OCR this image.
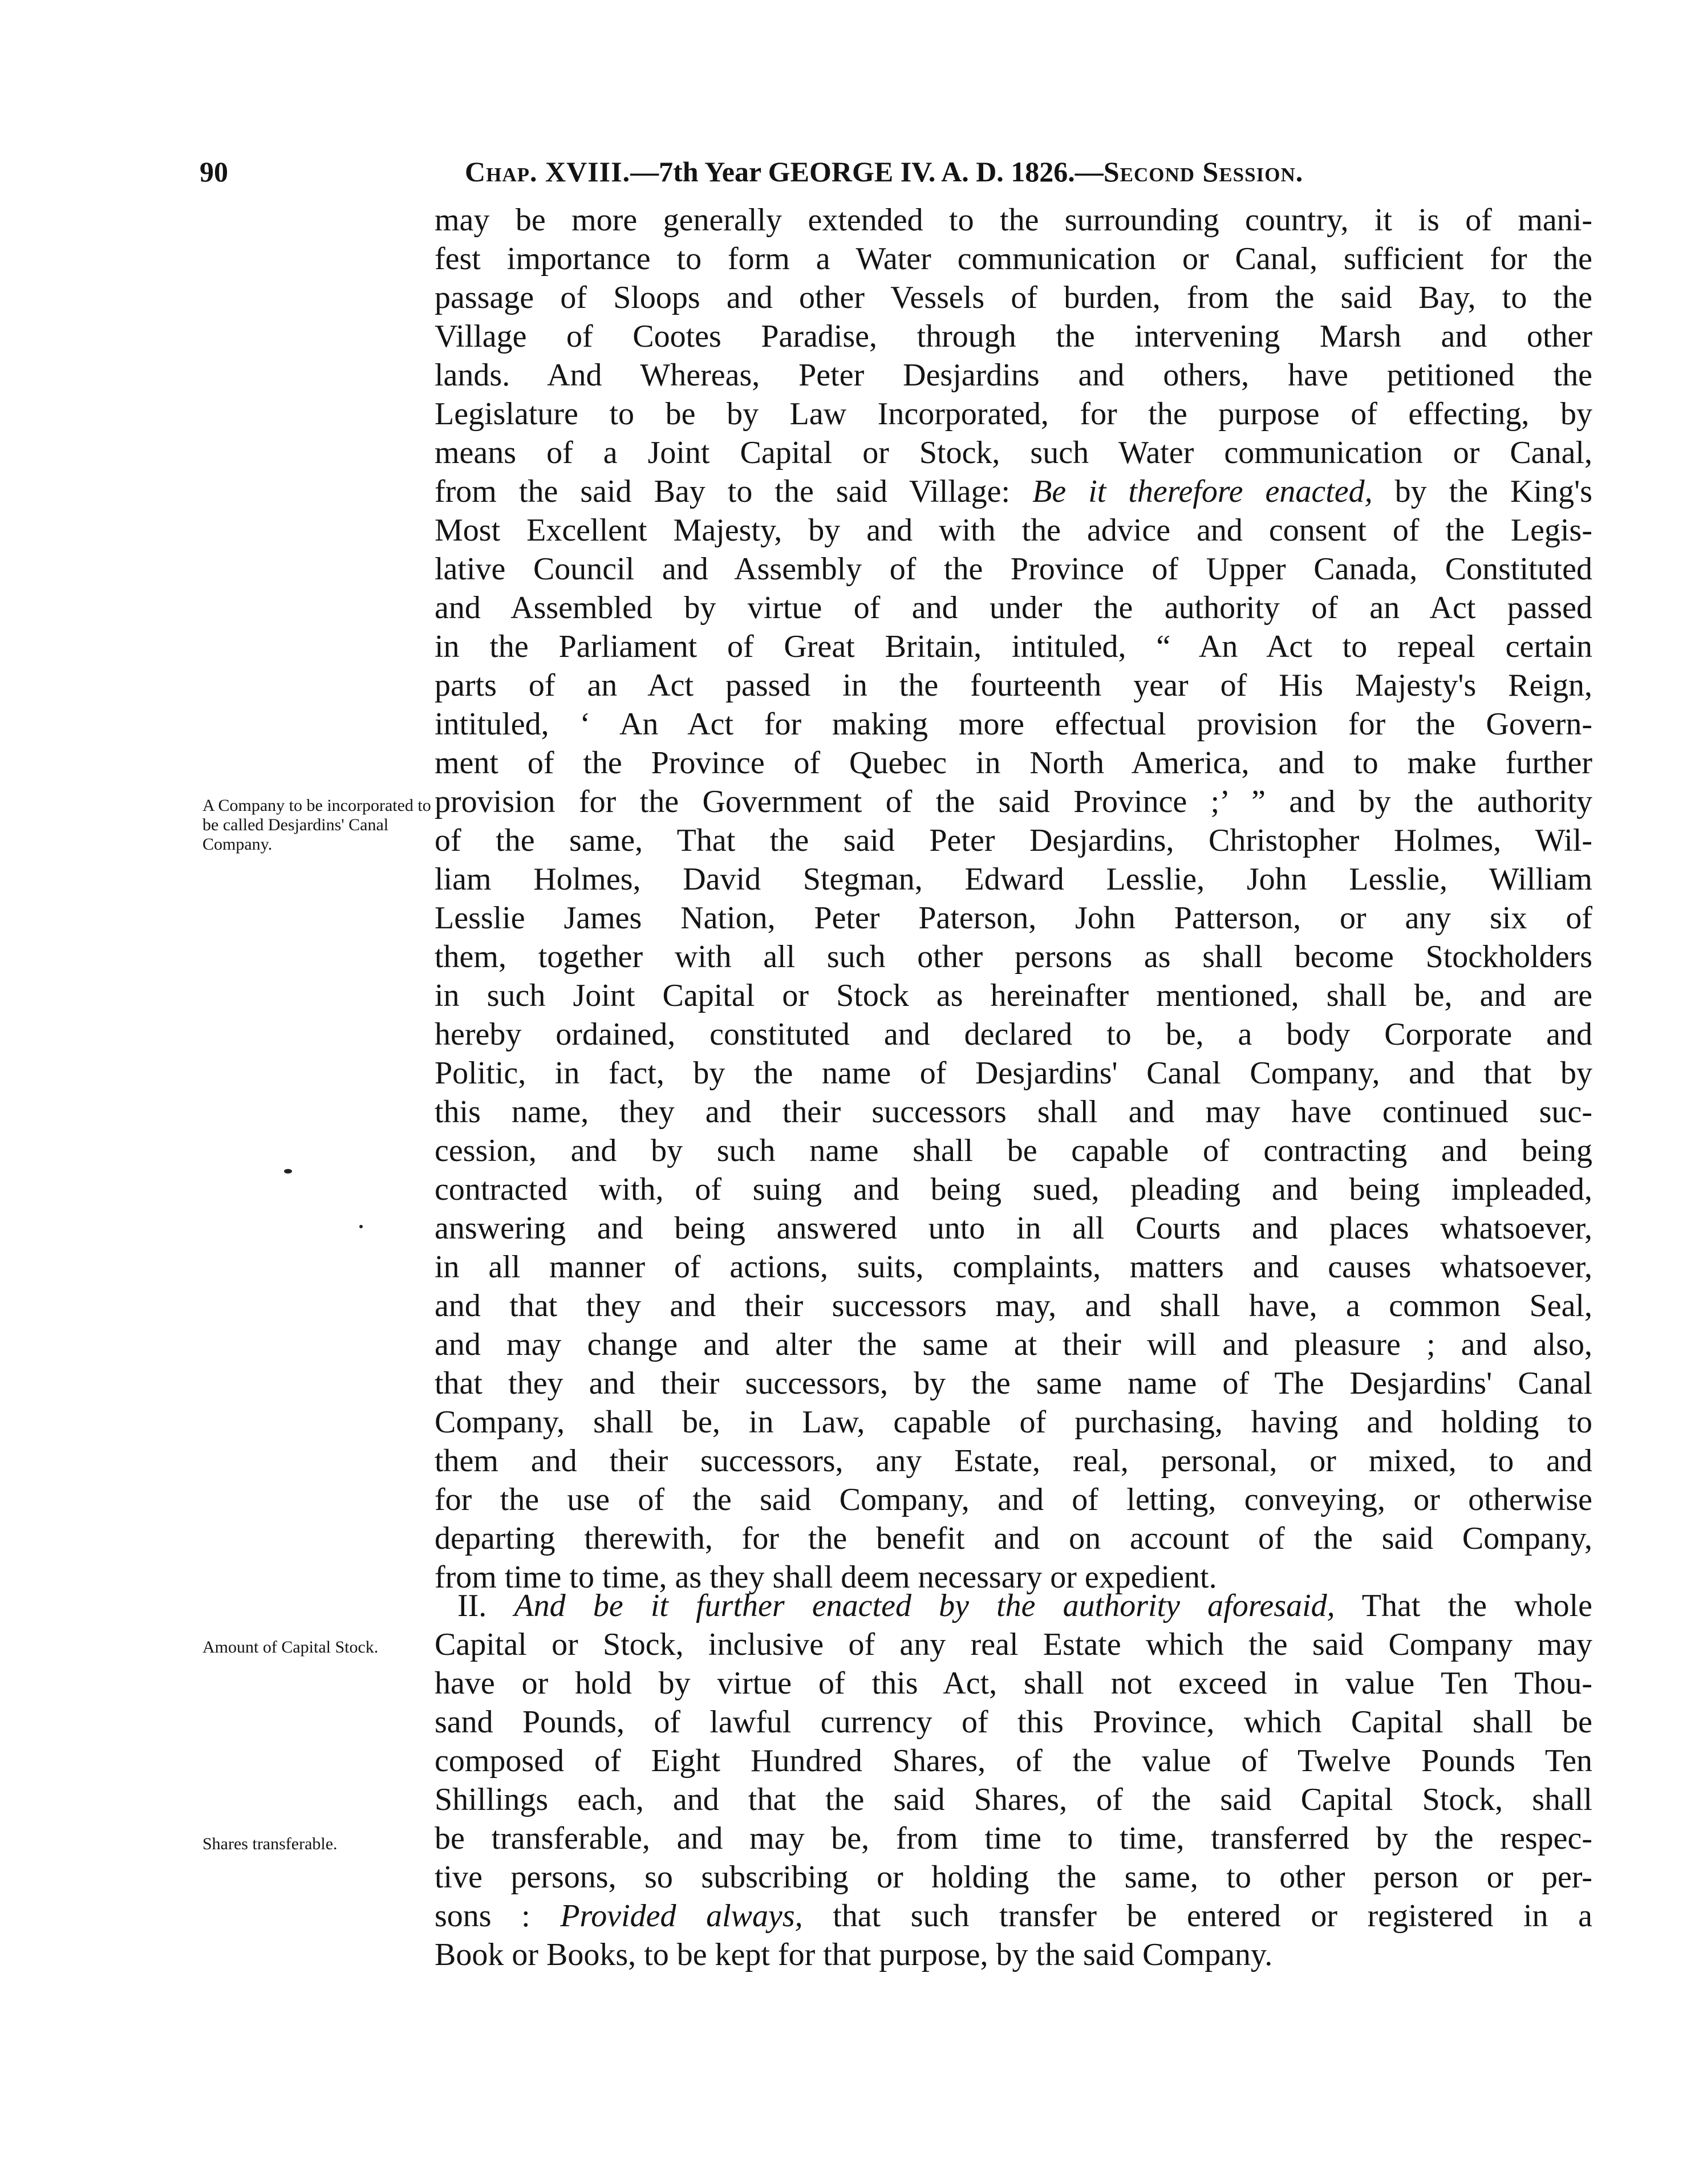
90	Chap. XVIII.—7th Year GEORGE IV. A. D. 1826.—Second Session.
may be more generally extended to the surrounding country, it is of mani-
fest importance to form a Water communication or Canal, sufficient for the
passage of Sloops and other Vessels of burden, from the said Bay, to the
Village of Cootes Paradise, through the intervening Marsh and other
lands. And Whereas, Peter Desjardins and others, have petitioned the
Legislature to be by Law Incorporated, for the purpose of effecting, by
means of a Joint Capital or Stock, such Water communication or Canal,
from the said Bay to the said Village: Be it therefore enacted, by the King's
Most Excellent Majesty, by and with the advice and consent of the Legis-
lative Council and Assembly of the Province of Upper Canada, Constituted
and Assembled by virtue of and under the authority of an Act passed
in the Parliament of Great Britain, intituled, “ An Act to repeal certain
parts of an Act passed in the fourteenth year of His Majesty's Reign,
intituled, ‘ An Act for making more effectual provision for the Govern-
ment of the Province of Quebec in North America, and to make further
provision for the Government of the said Province ;’ ” and by the authority
of the same, That the said Peter Desjardins, Christopher Holmes, Wil-
liam Holmes, David Stegman, Edward Lesslie, John Lesslie, William
Lesslie James Nation, Peter Paterson, John Patterson, or any six of
them, together with all such other persons as shall become Stockholders
in such Joint Capital or Stock as hereinafter mentioned, shall be, and are
hereby ordained, constituted and declared to be, a body Corporate and
Politic, in fact, by the name of Desjardins' Canal Company, and that by
this name, they and their successors shall and may have continued suc-
cession, and by such name shall be capable of contracting and being
contracted with, of suing and being sued, pleading and being impleaded,
answering and being answered unto in all Courts and places whatsoever,
in all manner of actions, suits, complaints, matters and causes whatsoever,
and that they and their successors may, and shall have, a common Seal,
and may change and alter the same at their will and pleasure ; and also,
that they and their successors, by the same name of The Desjardins' Canal
Company, shall be, in Law, capable of purchasing, having and holding to
them and their successors, any Estate, real, personal, or mixed, to and
for the use of the said Company, and of letting, conveying, or otherwise
departing therewith, for the benefit and on account of the said Company,
from time to time, as they shall deem necessary or expedient.
II. And be it further enacted by the authority aforesaid, That the whole
Capital or Stock, inclusive of any real Estate which the said Company may
have or hold by virtue of this Act, shall not exceed in value Ten Thou-
sand Pounds, of lawful currency of this Province, which Capital shall be
composed of Eight Hundred Shares, of the value of Twelve Pounds Ten
Shillings each, and that the said Shares, of the said Capital Stock, shall
be transferable, and may be, from time to time, transferred by the respec-
tive persons, so subscribing or holding the same, to other person or per-
sons : Provided always, that such transfer be entered or registered in a
Book or Books, to be kept for that purpose, by the said Company.

A Company to be incorporated to be called Desjardins' Canal Company.

Amount of Capital Stock.

Shares transferable.
